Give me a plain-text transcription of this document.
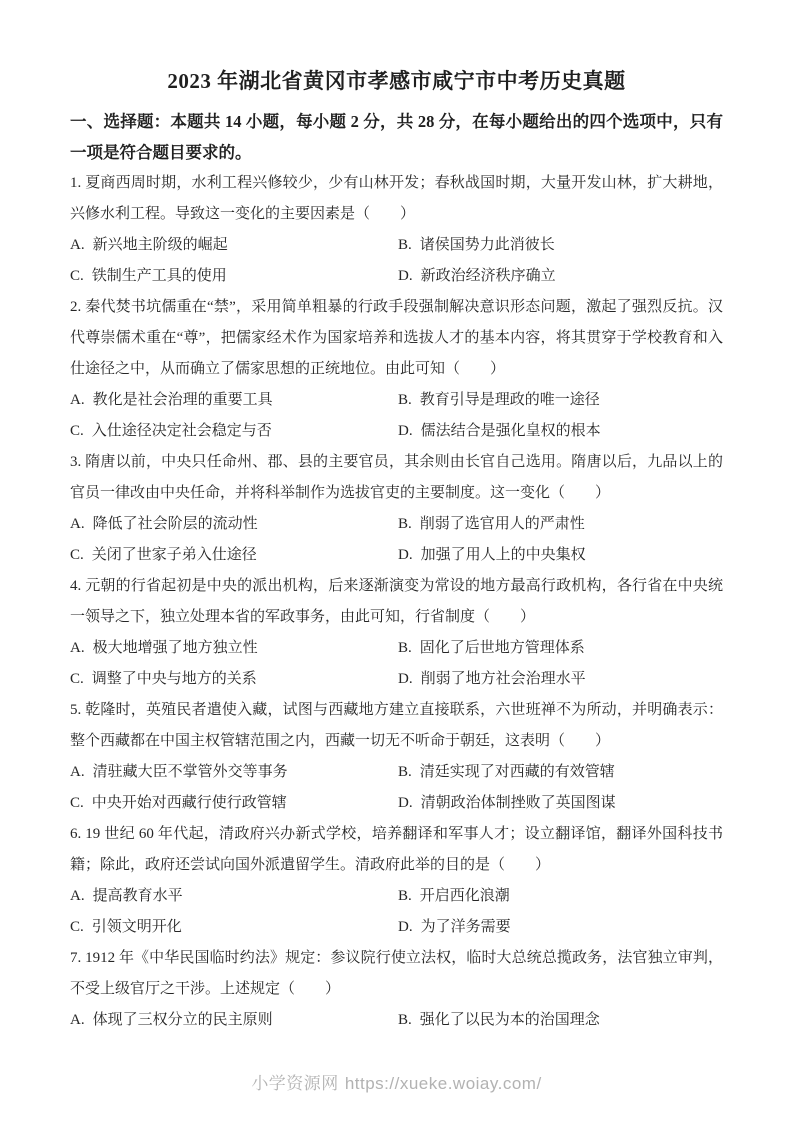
2023 年湖北省黄冈市孝感市咸宁市中考历史真题

一、选择题：本题共 14 小题，每小题 2 分，共 28 分，在每小题给出的四个选项中，只有一项是符合题目要求的。

1. 夏商西周时期，水利工程兴修较少，少有山林开发；春秋战国时期，大量开发山林，扩大耕地，兴修水利工程。导致这一变化的主要因素是（　　）

A. 新兴地主阶级的崛起	B. 诸侯国势力此消彼长
C. 铁制生产工具的使用	D. 新政治经济秩序确立

2. 秦代焚书坑儒重在“禁”，采用简单粗暴的行政手段强制解决意识形态问题，激起了强烈反抗。汉代尊崇儒术重在“尊”，把儒家经术作为国家培养和选拔人才的基本内容，将其贯穿于学校教育和入仕途径之中，从而确立了儒家思想的正统地位。由此可知（　　）

A. 教化是社会治理的重要工具	B. 教育引导是理政的唯一途径
C. 入仕途径决定社会稳定与否	D. 儒法结合是强化皇权的根本

3. 隋唐以前，中央只任命州、郡、县的主要官员，其余则由长官自己选用。隋唐以后，九品以上的官员一律改由中央任命，并将科举制作为选拔官吏的主要制度。这一变化（　　）

A. 降低了社会阶层的流动性	B. 削弱了选官用人的严肃性
C. 关闭了世家子弟入仕途径	D. 加强了用人上的中央集权

4. 元朝的行省起初是中央的派出机构，后来逐渐演变为常设的地方最高行政机构，各行省在中央统一领导之下，独立处理本省的军政事务，由此可知，行省制度（　　）

A. 极大地增强了地方独立性	B. 固化了后世地方管理体系
C. 调整了中央与地方的关系	D. 削弱了地方社会治理水平

5. 乾隆时，英殖民者遣使入藏，试图与西藏地方建立直接联系，六世班禅不为所动，并明确表示：整个西藏都在中国主权管辖范围之内，西藏一切无不听命于朝廷，这表明（　　）

A. 清驻藏大臣不掌管外交等事务	B. 清廷实现了对西藏的有效管辖
C. 中央开始对西藏行使行政管辖	D. 清朝政治体制挫败了英国图谋

6. 19 世纪 60 年代起，清政府兴办新式学校，培养翻译和军事人才；设立翻译馆，翻译外国科技书籍；除此，政府还尝试向国外派遣留学生。清政府此举的目的是（　　）

A. 提高教育水平	B. 开启西化浪潮
C. 引领文明开化	D. 为了洋务需要

7. 1912 年《中华民国临时约法》规定：参议院行使立法权，临时大总统总揽政务，法官独立审判，不受上级官厅之干涉。上述规定（　　）

A. 体现了三权分立的民主原则	B. 强化了以民为本的治国理念
小学资源网 https://xueke.woiay.com/
